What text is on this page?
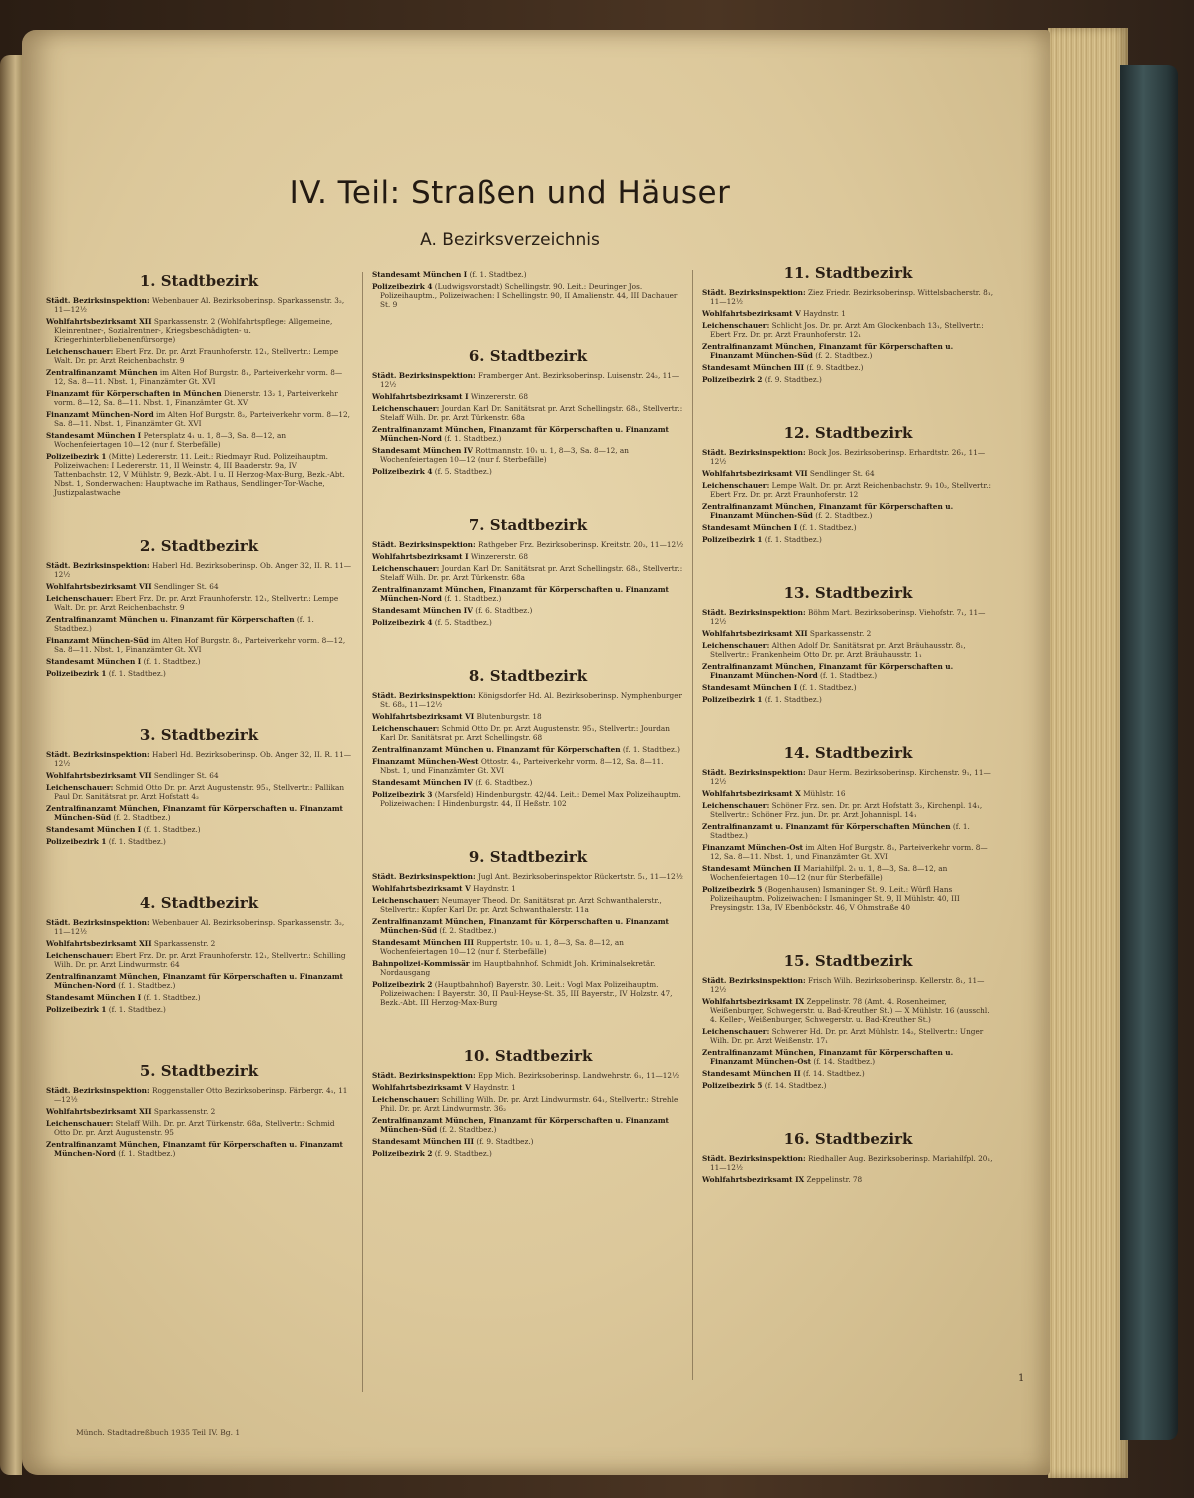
IV. Teil: Straßen und Häuser
A. Bezirksverzeichnis
1. Stadtbezirk

Städt. Bezirksinspektion: Webenbauer Al. Bezirksoberinsp. Sparkassenstr. 3₂, 11—12½

Wohlfahrtsbezirksamt XII Sparkassenstr. 2 (Wohlfahrtspflege: Allgemeine, Kleinrentner-, Sozialrentner-, Kriegsbeschädigten- u. Kriegerhinterbliebenenfürsorge)

Leichenschauer: Ebert Frz. Dr. pr. Arzt Fraunhoferstr. 12₁, Stellvertr.: Lempe Walt. Dr. pr. Arzt Reichenbachstr. 9

Zentralfinanzamt München im Alten Hof Burgstr. 8₁, Parteiverkehr vorm. 8—12, Sa. 8—11. Nbst. 1, Finanzämter Gt. XVI

Finanzamt für Körperschaften in München Dienerstr. 13₂ 1, Parteiverkehr vorm. 8—12, Sa. 8—11. Nbst. 1, Finanzämter Gt. XV

Finanzamt München-Nord im Alten Hof Burgstr. 8₂, Parteiverkehr vorm. 8—12, Sa. 8—11. Nbst. 1, Finanzämter Gt. XVI

Standesamt München I Petersplatz 4₁ u. 1, 8—3, Sa. 8—12, an Wochenfeiertagen 10—12 (nur f. Sterbefälle)

Polizeibezirk 1 (Mitte) Ledererstr. 11. Leit.: Riedmayr Rud. Polizeihauptm. Polizeiwachen: I Ledererstr. 11, II Weinstr. 4, III Baaderstr. 9a, IV Tattenbachstr. 12, V Mühlstr. 9, Bezk.-Abt. I u. II Herzog-Max-Burg, Bezk.-Abt. Nbst. 1, Sonderwachen: Hauptwache im Rathaus, Sendlinger-Tor-Wache, Justizpalastwache

2. Stadtbezirk

Städt. Bezirksinspektion: Haberl Hd. Bezirksoberinsp. Ob. Anger 32, II. R. 11—12½

Wohlfahrtsbezirksamt VII Sendlinger St. 64

Leichenschauer: Ebert Frz. Dr. pr. Arzt Fraunhoferstr. 12₁, Stellvertr.: Lempe Walt. Dr. pr. Arzt Reichenbachstr. 9

Zentralfinanzamt München u. Finanzamt für Körperschaften (f. 1. Stadtbez.)

Finanzamt München-Süd im Alten Hof Burgstr. 8₁, Parteiverkehr vorm. 8—12, Sa. 8—11. Nbst. 1, Finanzämter Gt. XVI

Standesamt München I (f. 1. Stadtbez.)

Polizeibezirk 1 (f. 1. Stadtbez.)

3. Stadtbezirk

Städt. Bezirksinspektion: Haberl Hd. Bezirksoberinsp. Ob. Anger 32, II. R. 11—12½

Wohlfahrtsbezirksamt VII Sendlinger St. 64

Leichenschauer: Schmid Otto Dr. pr. Arzt Augustenstr. 95₁, Stellvertr.: Pallikan Paul Dr. Sanitätsrat pr. Arzt Hofstatt 4₂

Zentralfinanzamt München, Finanzamt für Körperschaften u. Finanzamt München-Süd (f. 2. Stadtbez.)

Standesamt München I (f. 1. Stadtbez.)

Polizeibezirk 1 (f. 1. Stadtbez.)

4. Stadtbezirk

Städt. Bezirksinspektion: Webenbauer Al. Bezirksoberinsp. Sparkassenstr. 3₂, 11—12½

Wohlfahrtsbezirksamt XII Sparkassenstr. 2

Leichenschauer: Ebert Frz. Dr. pr. Arzt Fraunhoferstr. 12₁, Stellvertr.: Schilling Wilh. Dr. pr. Arzt Lindwurmstr. 64

Zentralfinanzamt München, Finanzamt für Körperschaften u. Finanzamt München-Nord (f. 1. Stadtbez.)

Standesamt München I (f. 1. Stadtbez.)

Polizeibezirk 1 (f. 1. Stadtbez.)

5. Stadtbezirk

Städt. Bezirksinspektion: Roggenstaller Otto Bezirksoberinsp. Färbergr. 4₁, 11—12½

Wohlfahrtsbezirksamt XII Sparkassenstr. 2

Leichenschauer: Stelaff Wilh. Dr. pr. Arzt Türkenstr. 68a, Stellvertr.: Schmid Otto Dr. pr. Arzt Augustenstr. 95

Zentralfinanzamt München, Finanzamt für Körperschaften u. Finanzamt München-Nord (f. 1. Stadtbez.)

Standesamt München I (f. 1. Stadtbez.)

Polizeibezirk 4 (Ludwigsvorstadt) Schellingstr. 90. Leit.: Deuringer Jos. Polizeihauptm., Polizeiwachen: I Schellingstr. 90, II Amalienstr. 44, III Dachauer St. 9

6. Stadtbezirk

Städt. Bezirksinspektion: Framberger Ant. Bezirksoberinsp. Luisenstr. 24₂, 11—12½

Wohlfahrtsbezirksamt I Winzererstr. 68

Leichenschauer: Jourdan Karl Dr. Sanitätsrat pr. Arzt Schellingstr. 68₁, Stellvertr.: Stelaff Wilh. Dr. pr. Arzt Türkenstr. 68a

Zentralfinanzamt München, Finanzamt für Körperschaften u. Finanzamt München-Nord (f. 1. Stadtbez.)

Standesamt München IV Rottmannstr. 10₁ u. 1, 8—3, Sa. 8—12, an Wochenfeiertagen 10—12 (nur f. Sterbefälle)

Polizeibezirk 4 (f. 5. Stadtbez.)

7. Stadtbezirk

Städt. Bezirksinspektion: Rathgeber Frz. Bezirksoberinsp. Kreitstr. 20₂, 11—12½

Wohlfahrtsbezirksamt I Winzererstr. 68

Leichenschauer: Jourdan Karl Dr. Sanitätsrat pr. Arzt Schellingstr. 68₁, Stellvertr.: Stelaff Wilh. Dr. pr. Arzt Türkenstr. 68a

Zentralfinanzamt München, Finanzamt für Körperschaften u. Finanzamt München-Nord (f. 1. Stadtbez.)

Standesamt München IV (f. 6. Stadtbez.)

Polizeibezirk 4 (f. 5. Stadtbez.)

8. Stadtbezirk

Städt. Bezirksinspektion: Königsdorfer Hd. Al. Bezirksoberinsp. Nymphenburger St. 68₂, 11—12½

Wohlfahrtsbezirksamt VI Blutenburgstr. 18

Leichenschauer: Schmid Otto Dr. pr. Arzt Augustenstr. 95₁, Stellvertr.: Jourdan Karl Dr. Sanitätsrat pr. Arzt Schellingstr. 68

Zentralfinanzamt München u. Finanzamt für Körperschaften (f. 1. Stadtbez.)

Finanzamt München-West Ottostr. 4₁, Parteiverkehr vorm. 8—12, Sa. 8—11. Nbst. 1, und Finanzämter Gt. XVI

Standesamt München IV (f. 6. Stadtbez.)

Polizeibezirk 3 (Marsfeld) Hindenburgstr. 42/44. Leit.: Demel Max Polizeihauptm. Polizeiwachen: I Hindenburgstr. 44, II Heßstr. 102

9. Stadtbezirk

Städt. Bezirksinspektion: Jugl Ant. Bezirksoberinspektor Rückertstr. 5₁, 11—12½

Wohlfahrtsbezirksamt V Haydnstr. 1

Leichenschauer: Neumayer Theod. Dr. Sanitätsrat pr. Arzt Schwanthalerstr., Stellvertr.: Kupfer Karl Dr. pr. Arzt Schwanthalerstr. 11a

Zentralfinanzamt München, Finanzamt für Körperschaften u. Finanzamt München-Süd (f. 2. Stadtbez.)

Standesamt München III Ruppertstr. 10₂ u. 1, 8—3, Sa. 8—12, an Wochenfeiertagen 10—12 (nur f. Sterbefälle)

Bahnpolizei-Kommissär im Hauptbahnhof. Schmidt Joh. Kriminalsekretär. Nordausgang

Polizeibezirk 2 (Hauptbahnhof) Bayerstr. 30. Leit.: Vogl Max Polizeihauptm. Polizeiwachen: I Bayerstr. 30, II Paul-Heyse-St. 35, III Bayerstr., IV Holzstr. 47, Bezk.-Abt. III Herzog-Max-Burg

10. Stadtbezirk

Städt. Bezirksinspektion: Epp Mich. Bezirksoberinsp. Landwehrstr. 6₁, 11—12½

Wohlfahrtsbezirksamt V Haydnstr. 1

Leichenschauer: Schilling Wilh. Dr. pr. Arzt Lindwurmstr. 64₁, Stellvertr.: Strehle Phil. Dr. pr. Arzt Lindwurmstr. 36₂

Zentralfinanzamt München, Finanzamt für Körperschaften u. Finanzamt München-Süd (f. 2. Stadtbez.)

Standesamt München III (f. 9. Stadtbez.)

Polizeibezirk 2 (f. 9. Stadtbez.)

11. Stadtbezirk

Städt. Bezirksinspektion: Ziez Friedr. Bezirksoberinsp. Wittelsbacherstr. 8₁, 11—12½

Wohlfahrtsbezirksamt V Haydnstr. 1

Leichenschauer: Schlicht Jos. Dr. pr. Arzt Am Glockenbach 13₁, Stellvertr.: Ebert Frz. Dr. pr. Arzt Fraunhoferstr. 12₁

Zentralfinanzamt München, Finanzamt für Körperschaften u. Finanzamt München-Süd (f. 2. Stadtbez.)

Standesamt München III (f. 9. Stadtbez.)

Polizeibezirk 2 (f. 9. Stadtbez.)

12. Stadtbezirk

Städt. Bezirksinspektion: Bock Jos. Bezirksoberinsp. Erhardtstr. 26₁, 11—12½

Wohlfahrtsbezirksamt VII Sendlinger St. 64

Leichenschauer: Lempe Walt. Dr. pr. Arzt Reichenbachstr. 9₁ 10₂, Stellvertr.: Ebert Frz. Dr. pr. Arzt Fraunhoferstr. 12

Zentralfinanzamt München, Finanzamt für Körperschaften u. Finanzamt München-Süd (f. 2. Stadtbez.)

Standesamt München I (f. 1. Stadtbez.)

Polizeibezirk 1 (f. 1. Stadtbez.)

13. Stadtbezirk

Städt. Bezirksinspektion: Böhm Mart. Bezirksoberinsp. Viehofstr. 7₁, 11—12½

Wohlfahrtsbezirksamt XII Sparkassenstr. 2

Leichenschauer: Althen Adolf Dr. Sanitätsrat pr. Arzt Bräuhausstr. 8₁, Stellvertr.: Frankenheim Otto Dr. pr. Arzt Bräuhausstr. 1₁

Zentralfinanzamt München, Finanzamt für Körperschaften u. Finanzamt München-Nord (f. 1. Stadtbez.)

Standesamt München I (f. 1. Stadtbez.)

Polizeibezirk 1 (f. 1. Stadtbez.)

14. Stadtbezirk

Städt. Bezirksinspektion: Daur Herm. Bezirksoberinsp. Kirchenstr. 9₁, 11—12½

Wohlfahrtsbezirksamt X Mühlstr. 16

Leichenschauer: Schöner Frz. sen. Dr. pr. Arzt Hofstatt 3₂, Kirchenpl. 14₁, Stellvertr.: Schöner Frz. jun. Dr. pr. Arzt Johannispl. 14₁

Zentralfinanzamt u. Finanzamt für Körperschaften München (f. 1. Stadtbez.)

Finanzamt München-Ost im Alten Hof Burgstr. 8₁, Parteiverkehr vorm. 8—12, Sa. 8—11. Nbst. 1, und Finanzämter Gt. XVI

Standesamt München II Mariahilfpl. 2₁ u. 1, 8—3, Sa. 8—12, an Wochenfeiertagen 10—12 (nur für Sterbefälle)

Polizeibezirk 5 (Bogenhausen) Ismaninger St. 9. Leit.: Würfl Hans Polizeihauptm. Polizeiwachen: I Ismaninger St. 9, II Mühlstr. 40, III Preysingstr. 13a, IV Ebenböckstr. 46, V Ohmstraße 40

15. Stadtbezirk

Städt. Bezirksinspektion: Frisch Wilh. Bezirksoberinsp. Kellerstr. 8₁, 11—12½

Wohlfahrtsbezirksamt IX Zeppelinstr. 78 (Amt. 4. Rosenheimer, Weißenburger, Schwegerstr. u. Bad-Kreuther St.) — X Mühlstr. 16 (ausschl. 4. Keller-, Weißenburger, Schwegerstr. u. Bad-Kreuther St.)

Leichenschauer: Schwerer Hd. Dr. pr. Arzt Mühlstr. 14₂, Stellvertr.: Unger Wilh. Dr. pr. Arzt Weißenstr. 17₁

Zentralfinanzamt München, Finanzamt für Körperschaften u. Finanzamt München-Ost (f. 14. Stadtbez.)

Standesamt München II (f. 14. Stadtbez.)

Polizeibezirk 5 (f. 14. Stadtbez.)

16. Stadtbezirk

Städt. Bezirksinspektion: Riedhaller Aug. Bezirksoberinsp. Mariahilfpl. 20₁, 11—12½

Wohlfahrtsbezirksamt IX Zeppelinstr. 78

Münch. Stadtadreßbuch 1935 Teil IV. Bg. 1
1
